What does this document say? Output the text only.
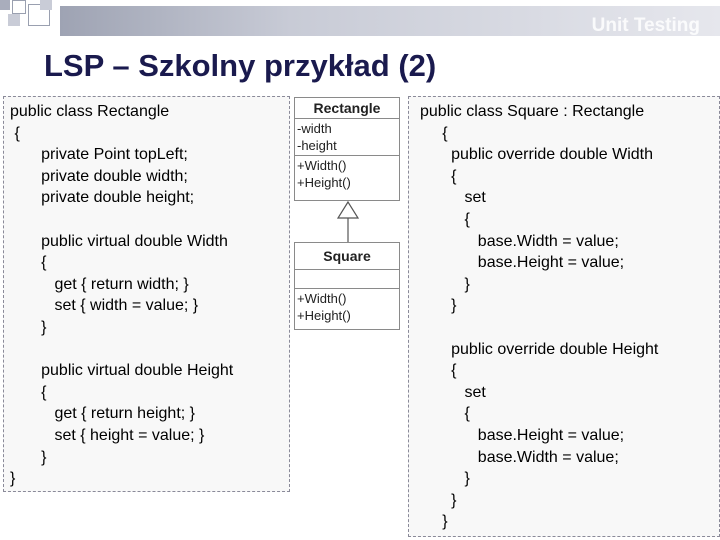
Unit Testing
LSP – Szkolny przykład (2)
public class Rectangle
{
private Point topLeft;
private double width;
private double height;

public virtual double Width
{
get { return width; }
set { width = value; }
}

public virtual double Height
{
get { return height; }
set { height = value; }
}
}
public class Square : Rectangle
{
public override double Width
{
set
{
base.Width = value;
base.Height = value;
}
}

public override double Height
{
set
{
base.Height = value;
base.Width = value;
}
}
}
Rectangle
-width
-height
+Width()
+Height()
Square
+Width()
+Height()
